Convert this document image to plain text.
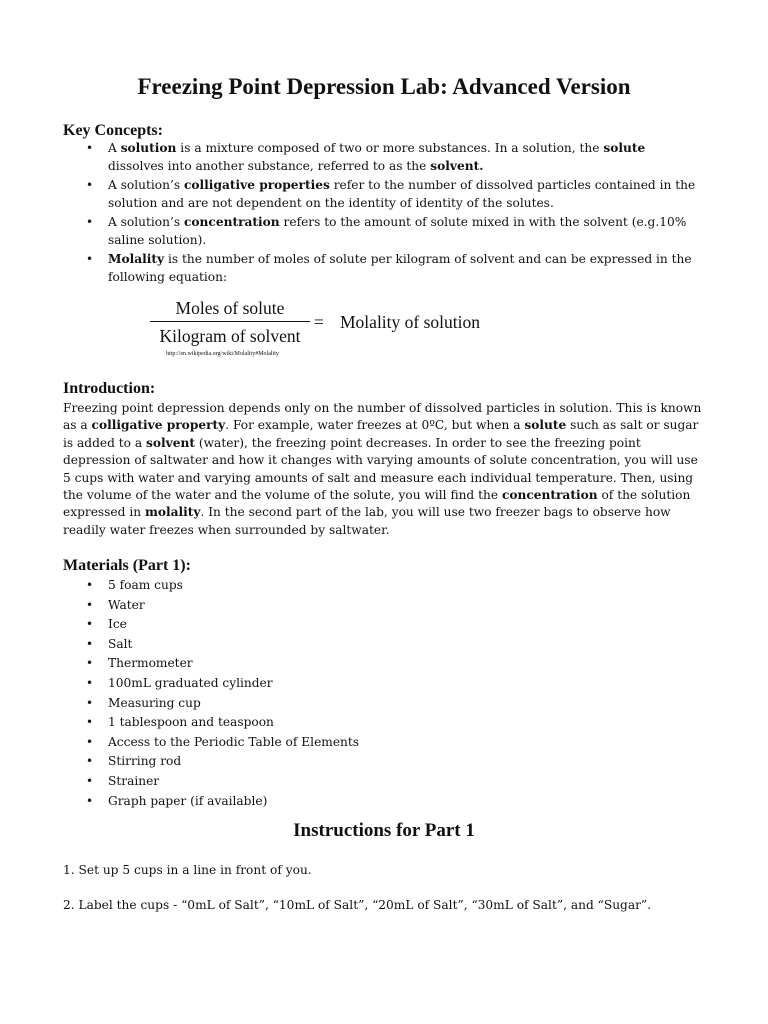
Freezing Point Depression Lab: Advanced Version
Key Concepts:
• A solution is a mixture composed of two or more substances. In a solution, the solute dissolves into another substance, referred to as the solvent.
• A solution’s colligative properties refer to the number of dissolved particles contained in the solution and are not dependent on the identity of identity of the solutes.
• A solution’s concentration refers to the amount of solute mixed in with the solvent (e.g.10% saline solution).
• Molality is the number of moles of solute per kilogram of solvent and can be expressed in the following equation:
Moles of solute
Kilogram of solvent
= Molality of solution
http://en.wikipedia.org/wiki/Molality#Molality
Introduction:

Freezing point depression depends only on the number of dissolved particles in solution. This is known as a colligative property. For example, water freezes at 0ºC, but when a solute such as salt or sugar is added to a solvent (water), the freezing point decreases. In order to see the freezing point depression of saltwater and how it changes with varying amounts of solute concentration, you will use 5 cups with water and varying amounts of salt and measure each individual temperature. Then, using the volume of the water and the volume of the solute, you will find the concentration of the solution expressed in molality. In the second part of the lab, you will use two freezer bags to observe how readily water freezes when surrounded by saltwater.

Materials (Part 1):
• 5 foam cups
• Water
• Ice
• Salt
• Thermometer
• 100mL graduated cylinder
• Measuring cup
• 1 tablespoon and teaspoon
• Access to the Periodic Table of Elements
• Stirring rod
• Strainer
• Graph paper (if available)
Instructions for Part 1

1. Set up 5 cups in a line in front of you.

2. Label the cups - “0mL of Salt”, “10mL of Salt”, “20mL of Salt”, “30mL of Salt”, and “Sugar”.
